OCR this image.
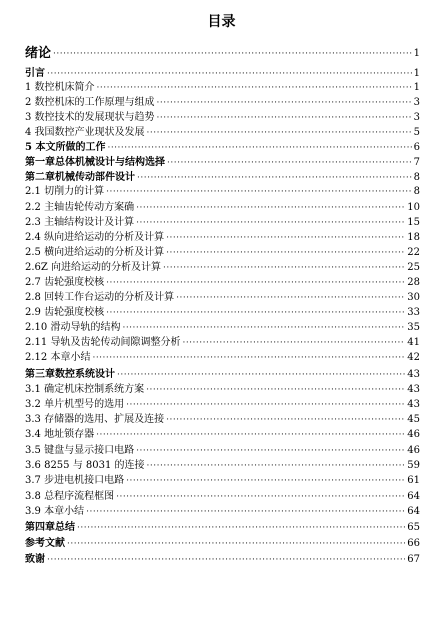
目录
绪论 ·····	1
引言 ·····	1
1 数控机床简介 ·····	1
2 数控机床的工作原理与组成 ·····	3
3 数控技术的发展现状与趋势 ·····	3
4 我国数控产业现状及发展 ·····	5
5 本文所做的工作 ·····	6
第一章总体机械设计与结构选择 ·····	7
第二章机械传动部件设计 ·····	8
2.1 切削力的计算 ·····	8
2.2 主轴齿轮传动方案确 ·····	10
2.3 主轴结构设计及计算 ·····	15
2.4 纵向进给运动的分析及计算 ·····	18
2.5 横向进给运动的分析及计算 ·····	22
2.6Z 向进给运动的分析及计算 ·····	25
2.7 齿轮强度校核 ·····	28
2.8 回转工作台运动的分析及计算 ·····	30
2.9 齿轮强度校核 ·····	33
2.10 滑动导轨的结构 ·····	35
2.11 导轨及齿轮传动间隙调整分析 ·····	41
2.12 本章小结 ·····	42
第三章数控系统设计 ·····	43
3.1 确定机床控制系统方案 ·····	43
3.2 单片机型号的选用 ·····	43
3.3 存储器的选用、扩展及连接 ·····	45
3.4 地址锁存器 ·····	46
3.5 键盘与显示接口电路 ·····	46
3.6 8255 与 8031 的连接 ·····	59
3.7 步进电机接口电路 ·····	61
3.8 总程序流程框图 ·····	64
3.9 本章小结 ·····	64
第四章总结 ·····	65
参考文献 ·····	66
致谢 ·····	67
